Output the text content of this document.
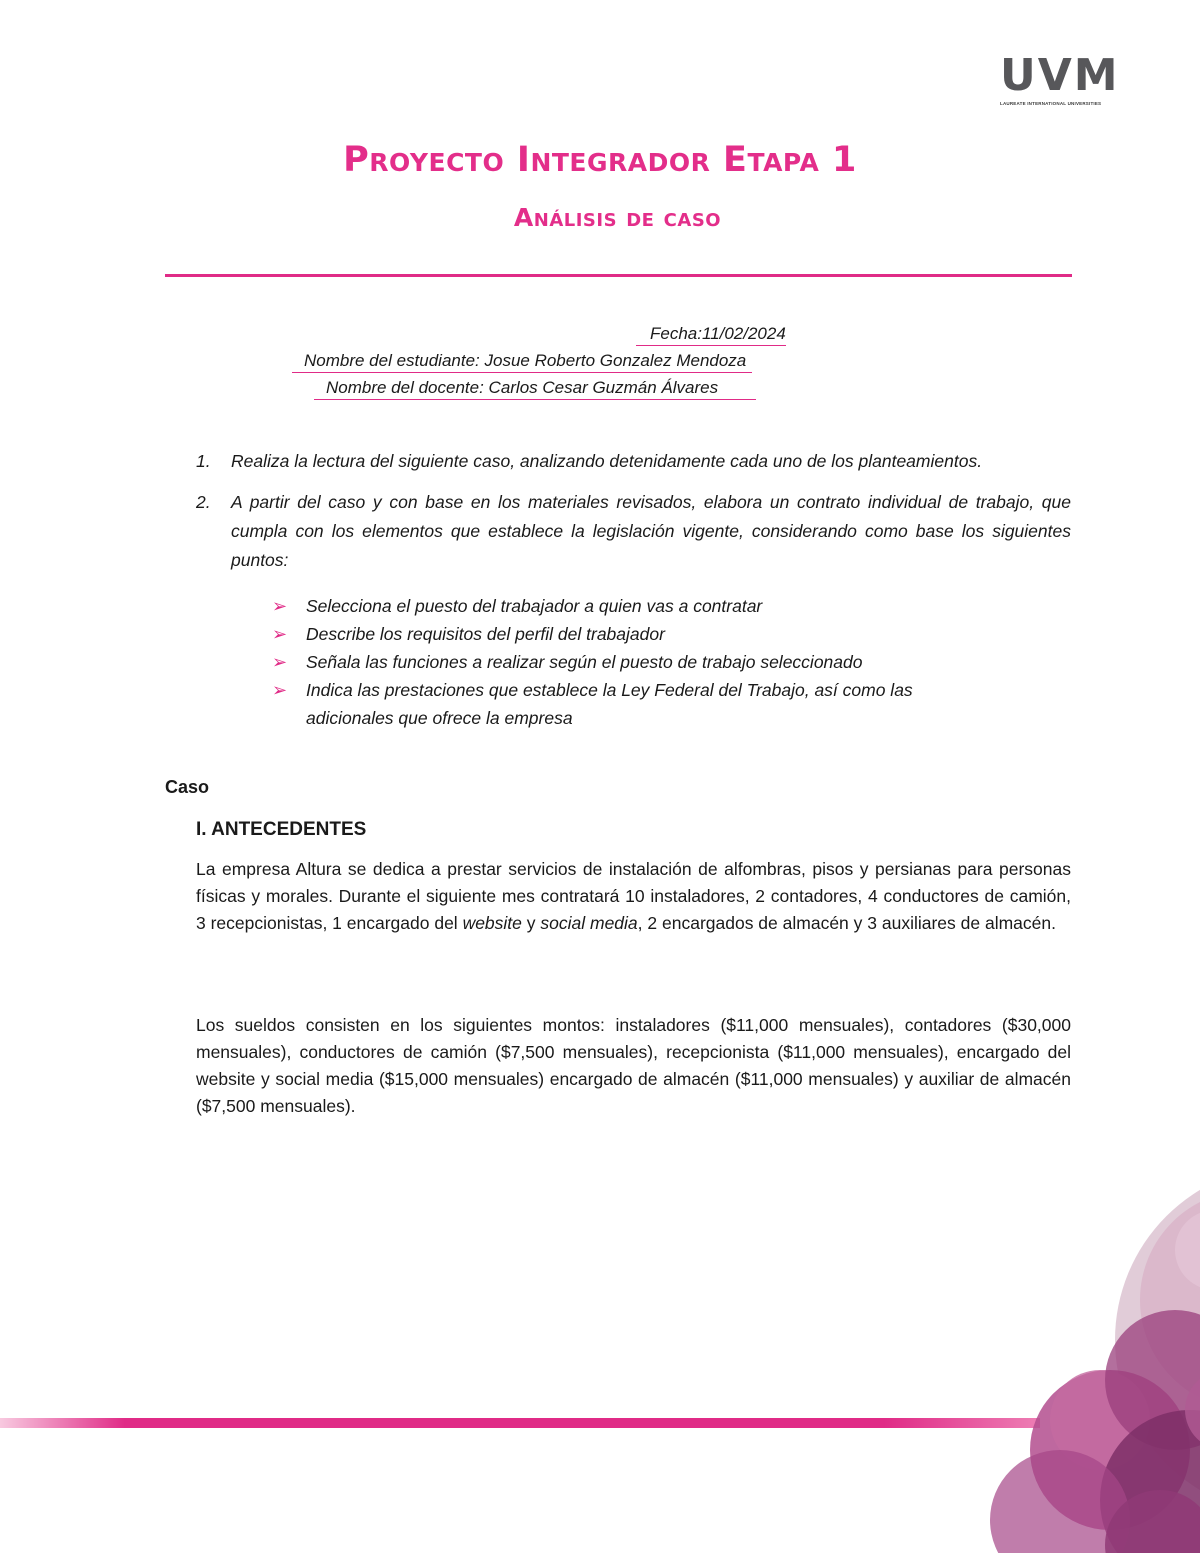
UVM
LAUREATE INTERNATIONAL UNIVERSITIES
Proyecto Integrador Etapa 1
Análisis de caso
Fecha:11/02/2024
Nombre del estudiante: Josue Roberto Gonzalez Mendoza
Nombre del docente: Carlos Cesar Guzmán Álvares
1. Realiza la lectura del siguiente caso, analizando detenidamente cada uno de los planteamientos.
2. A partir del caso y con base en los materiales revisados, elabora un contrato individual de trabajo, que cumpla con los elementos que establece la legislación vigente, considerando como base los siguientes puntos:
➢ Selecciona el puesto del trabajador a quien vas a contratar
➢ Describe los requisitos del perfil del trabajador
➢ Señala las funciones a realizar según el puesto de trabajo seleccionado
➢ Indica las prestaciones que establece la Ley Federal del Trabajo, así como las adicionales que ofrece la empresa
Caso
I. ANTECEDENTES

La empresa Altura se dedica a prestar servicios de instalación de alfombras, pisos y persianas para personas físicas y morales. Durante el siguiente mes contratará 10 instaladores, 2 contadores, 4 conductores de camión, 3 recepcionistas, 1 encargado del website y social media, 2 encargados de almacén y 3 auxiliares de almacén.

Los sueldos consisten en los siguientes montos: instaladores ($11,000 mensuales), contadores ($30,000 mensuales), conductores de camión ($7,500 mensuales), recepcionista ($11,000 mensuales), encargado del website y social media ($15,000 mensuales) encargado de almacén ($11,000 mensuales) y auxiliar de almacén ($7,500 mensuales).
